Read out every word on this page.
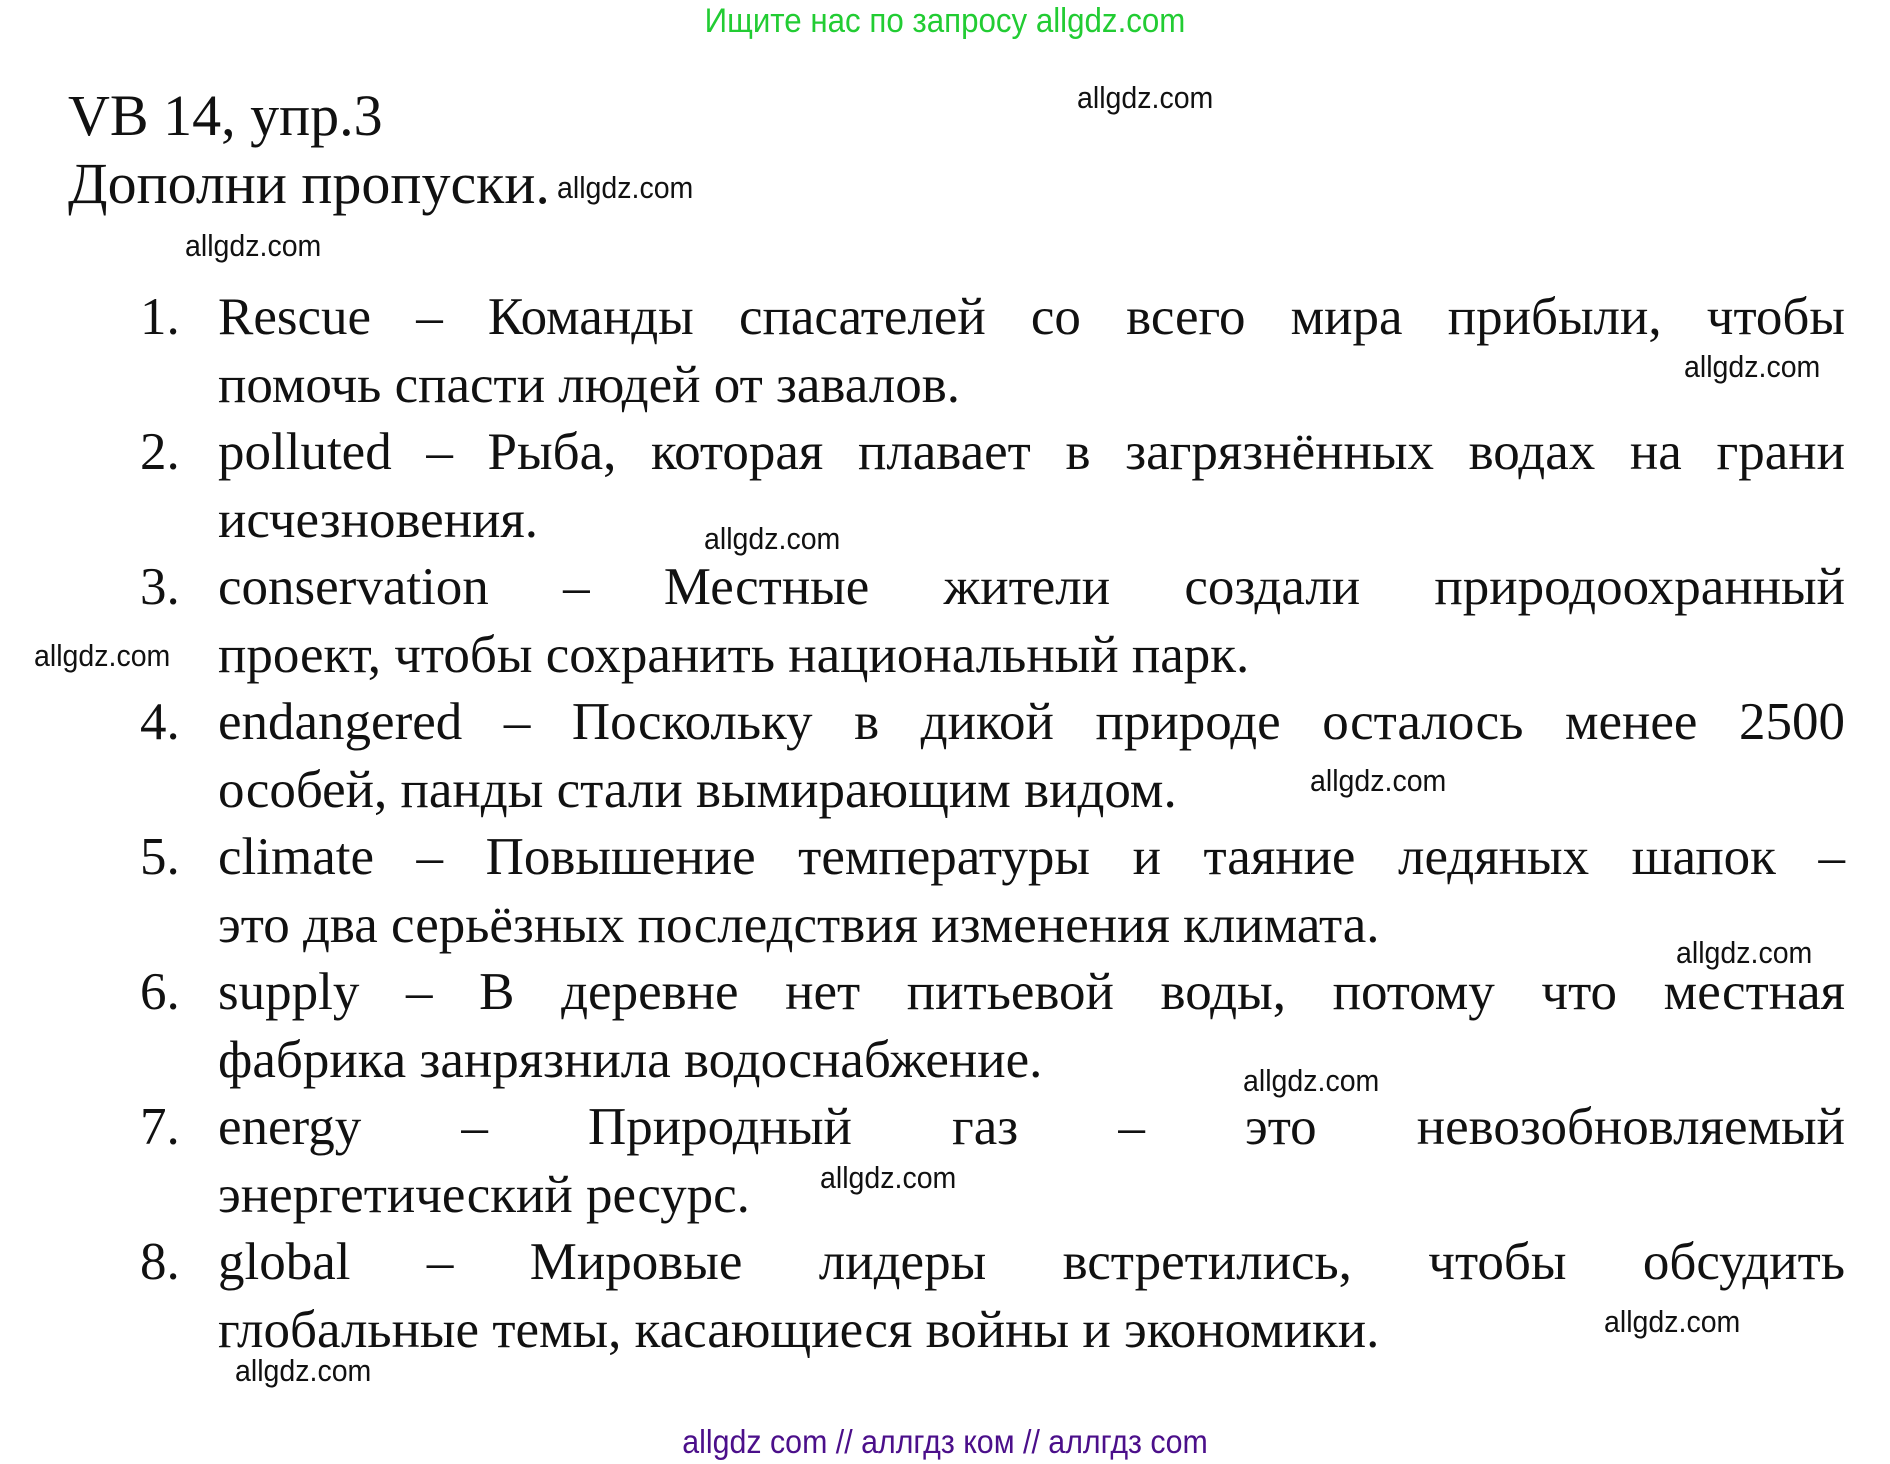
Ищите нас по запросу allgdz.com
VB 14, упр.3
Дополни пропуски.
1. Rescue – Команды спасателей со всего мира прибыли, чтобы
помочь спасти людей от завалов.
2. polluted – Рыба, которая плавает в загрязнённых водах на грани
исчезновения.
3. conservation – Местные жители создали природоохранный
проект, чтобы сохранить национальный парк.
4. endangered – Поскольку в дикой природе осталось менее 2500
особей, панды стали вымирающим видом.
5. climate – Повышение температуры и таяние ледяных шапок –
это два серьёзных последствия изменения климата.
6. supply – В деревне нет питьевой воды, потому что местная
фабрика занрязнила водоснабжение.
7. energy – Природный газ – это невозобновляемый
энергетический ресурс.
8. global – Мировые лидеры встретились, чтобы обсудить
глобальные темы, касающиеся войны и экономики.
allgdz.com
allgdz.com
allgdz.com
allgdz.com
allgdz.com
allgdz.com
allgdz.com
allgdz.com
allgdz.com
allgdz.com
allgdz.com
allgdz.com
allgdz com // аллгдз ком // аллгдз com
